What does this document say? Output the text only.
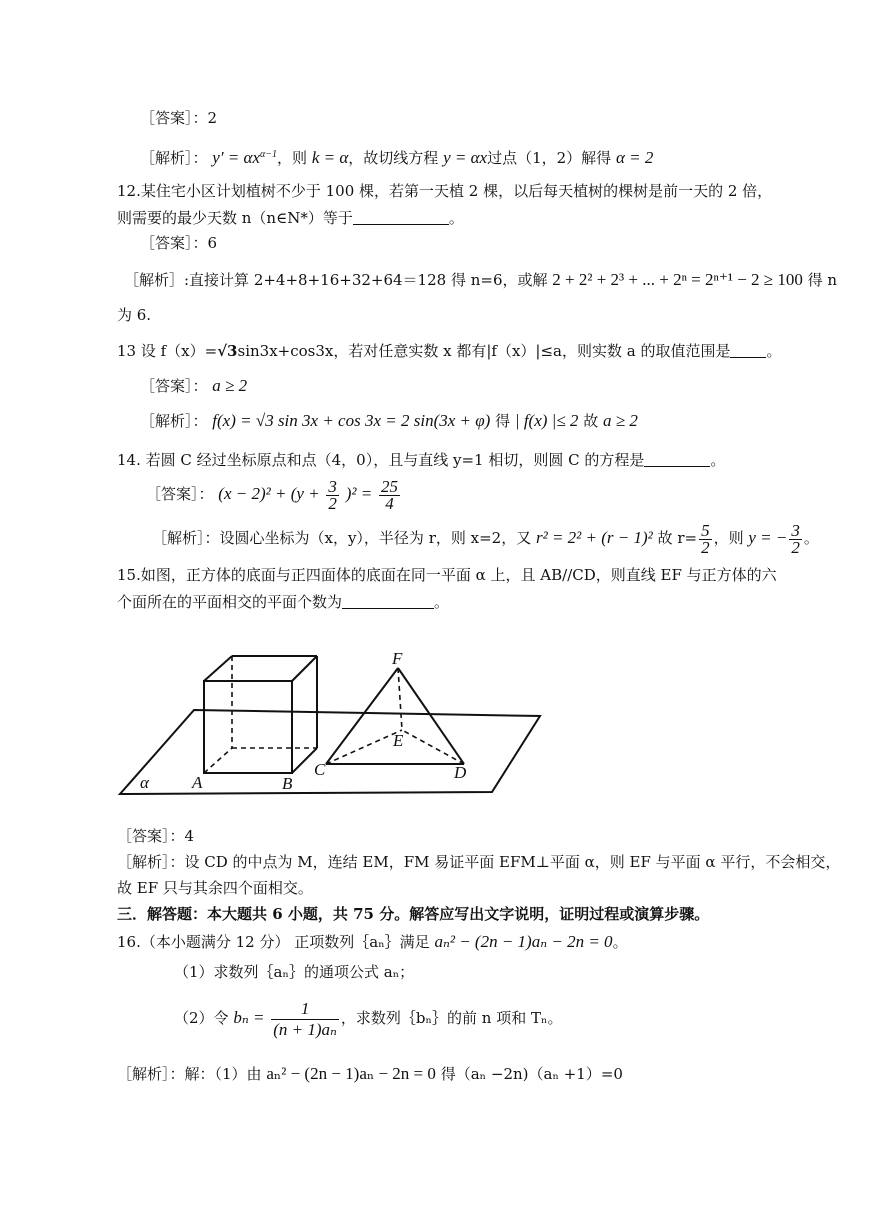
［答案］：2
［解析］： $y' = \alpha x^{\alpha-1}$，则 k = α，故切线方程 y = αx过点（1，2）解得 α = 2
12.某住宅小区计划植树不少于 100 棵，若第一天植 2 棵，以后每天植树的棵树是前一天的 2 倍，
则需要的最少天数 n（n∈N*）等于	。
［答案］：6
［解析］:直接计算 2+4+8+16+32+64＝128 得 n=6，或解 2 + 2² + 2³ + ... + 2ⁿ = 2ⁿ⁺¹ − 2 ≥ 100 得 n
为 6.
13 设 f（x）=√3sin3x+cos3x，若对任意实数 x 都有|f（x）|≤a，则实数 a 的取值范围是 。
［答案］： a ≥ 2
［解析］： f(x) = √3 sin 3x + cos 3x = 2 sin(3x + φ) 得 | f(x) |≤ 2 故 a ≥ 2
14. 若圆 C 经过坐标原点和点（4，0），且与直线 y=1 相切，则圆 C 的方程是	。
［答案］： $(x - 2)^2 + (y + \frac{3}{2} )^2 = \frac{25}{4}$
［解析］：设圆心坐标为（x，y），半径为 r，则 x=2，又 r² = 2² + (r − 1)² 故 $r= \frac{5}{2}$ ，则 y = − $\frac{3}{2}$ 。
15.如图，正方体的底面与正四面体的底面在同一平面 α 上，且 AB//CD，则直线 EF 与正方体的六
个面所在的平面相交的平面个数为	。
F
E
A	B
C	D
α
［答案］：4
［解析］：设 CD 的中点为 M，连结 EM，FM 易证平面 EFM⊥平面 α，则 EF 与平面 α 平行，不会相交，
故 EF 只与其余四个面相交。
三．解答题：本大题共 6 小题，共 75 分。解答应写出文字说明，证明过程或演算步骤。
16.（本小题满分 12 分） 正项数列｛aₙ｝满足 aₙ² − (2n − 1)aₙ − 2n = 0。
（1）求数列｛aₙ｝的通项公式 aₙ；
（2）令 $b_n = \frac{1}{\text{(n + 1)aₙ}}$ ，求数列｛bₙ｝的前 n 项和 Tₙ。
［解析］：解：（1）由 aₙ² − (2n − 1)aₙ − 2n = 0 得（aₙ −2n)（aₙ +1）=0
